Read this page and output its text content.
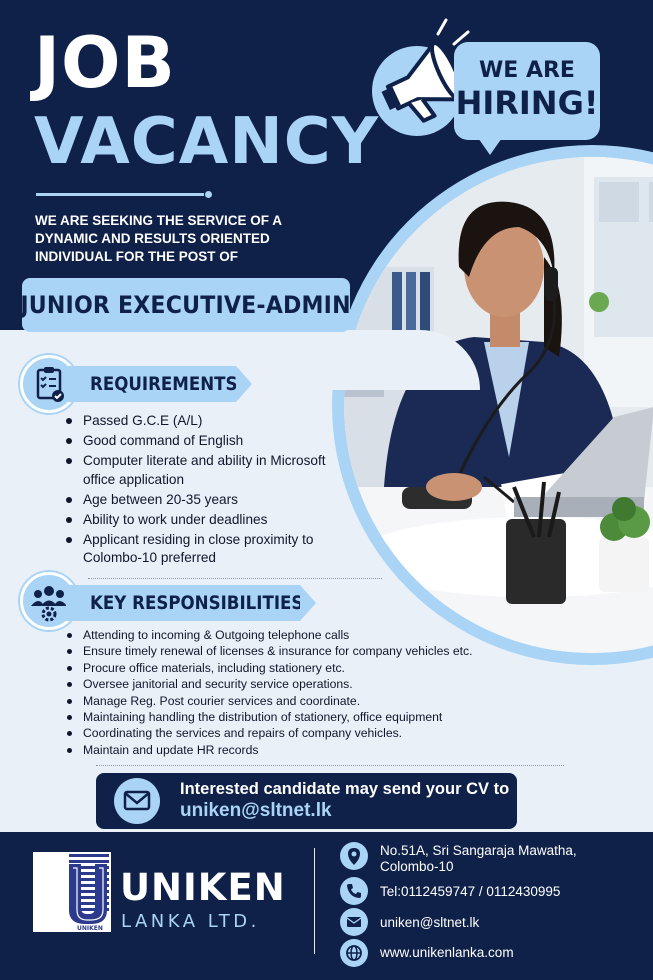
JOB
VACANCY
WE ARE SEEKING THE SERVICE OF A DYNAMIC AND RESULTS ORIENTED INDIVIDUAL FOR THE POST OF
JUNIOR EXECUTIVE-ADMIN
WE ARE
HIRING!
REQUIREMENTS
Passed G.C.E (A/L)
Good command of English
Computer literate and ability in Microsoft office application
Age between 20-35 years
Ability to work under deadlines
Applicant residing in close proximity to Colombo-10 preferred
KEY RESPONSIBILITIES
Attending to incoming & Outgoing telephone calls
Ensure timely renewal of licenses & insurance for company vehicles etc.
Procure office materials, including stationery etc.
Oversee janitorial and security service operations.
Manage Reg. Post courier services and coordinate.
Maintaining handling the distribution of stationery, office equipment
Coordinating the services and repairs of company vehicles.
Maintain and update HR records
Interested candidate may send your CV to
uniken@sltnet.lk
UNIKEN
UNIKEN
LANKA LTD.
No.51A, Sri Sangaraja Mawatha,
Colombo-10
Tel:0112459747 / 0112430995
uniken@sltnet.lk
www.unikenlanka.com
